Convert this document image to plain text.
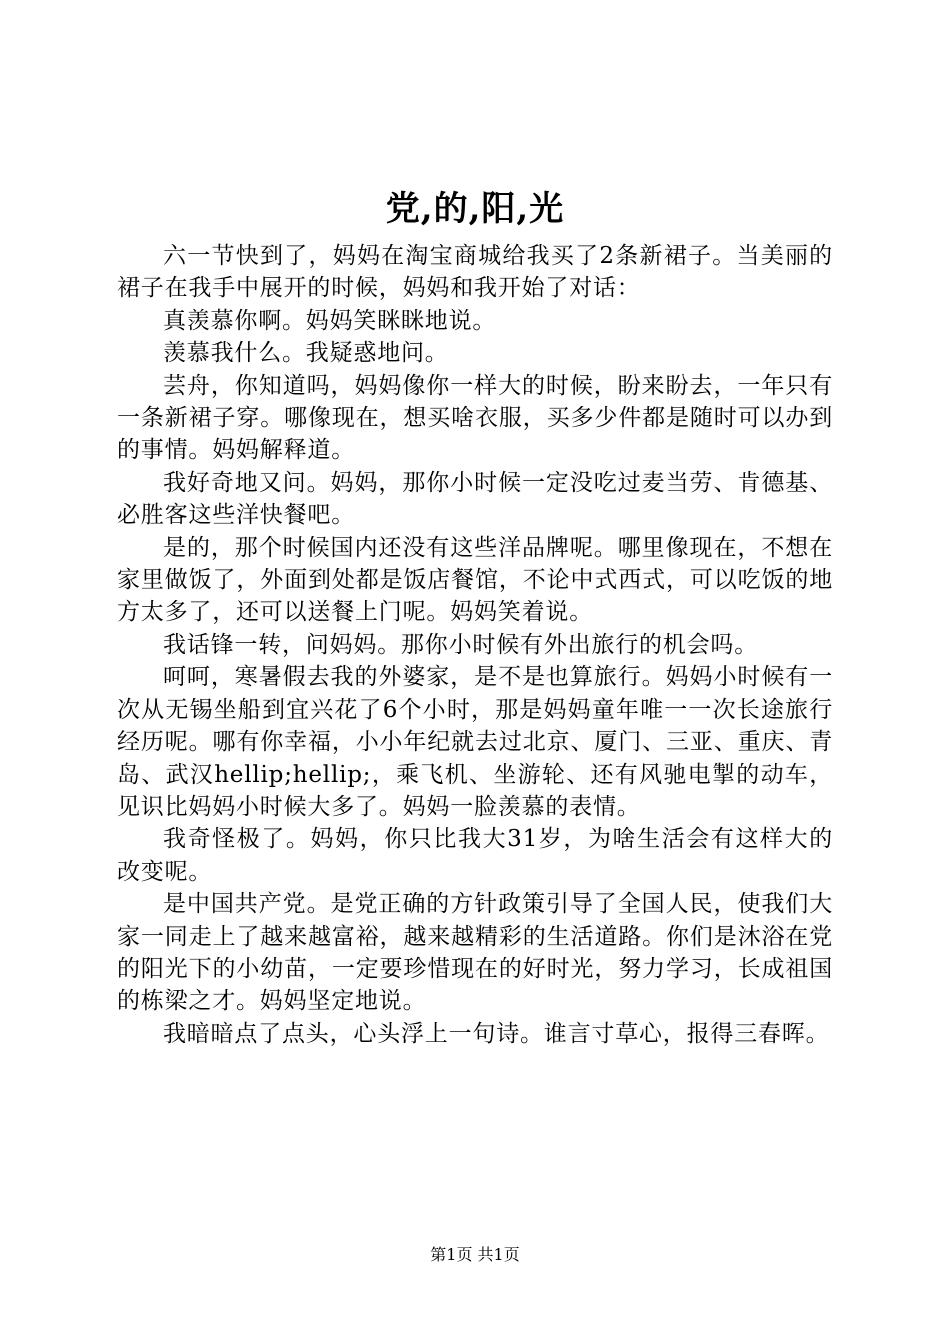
党,的,阳,光

六一节快到了，妈妈在淘宝商城给我买了2条新裙子。当美丽的裙子在我手中展开的时候，妈妈和我开始了对话：

真羡慕你啊。妈妈笑眯眯地说。

羡慕我什么。我疑惑地问。

芸舟，你知道吗，妈妈像你一样大的时候，盼来盼去，一年只有一条新裙子穿。哪像现在，想买啥衣服，买多少件都是随时可以办到的事情。妈妈解释道。

我好奇地又问。妈妈，那你小时候一定没吃过麦当劳、肯德基、必胜客这些洋快餐吧。

是的，那个时候国内还没有这些洋品牌呢。哪里像现在，不想在家里做饭了，外面到处都是饭店餐馆，不论中式西式，可以吃饭的地方太多了，还可以送餐上门呢。妈妈笑着说。

我话锋一转，问妈妈。那你小时候有外出旅行的机会吗。

呵呵，寒暑假去我的外婆家，是不是也算旅行。妈妈小时候有一次从无锡坐船到宜兴花了6个小时，那是妈妈童年唯一一次长途旅行经历呢。哪有你幸福，小小年纪就去过北京、厦门、三亚、重庆、青岛、武汉hellip;hellip;，乘飞机、坐游轮、还有风驰电掣的动车，见识比妈妈小时候大多了。妈妈一脸羡慕的表情。

我奇怪极了。妈妈，你只比我大31岁，为啥生活会有这样大的改变呢。

是中国共产党。是党正确的方针政策引导了全国人民，使我们大家一同走上了越来越富裕，越来越精彩的生活道路。你们是沐浴在党的阳光下的小幼苗，一定要珍惜现在的好时光，努力学习，长成祖国的栋梁之才。妈妈坚定地说。

我暗暗点了点头，心头浮上一句诗。谁言寸草心，报得三春晖。

第1页 共1页
